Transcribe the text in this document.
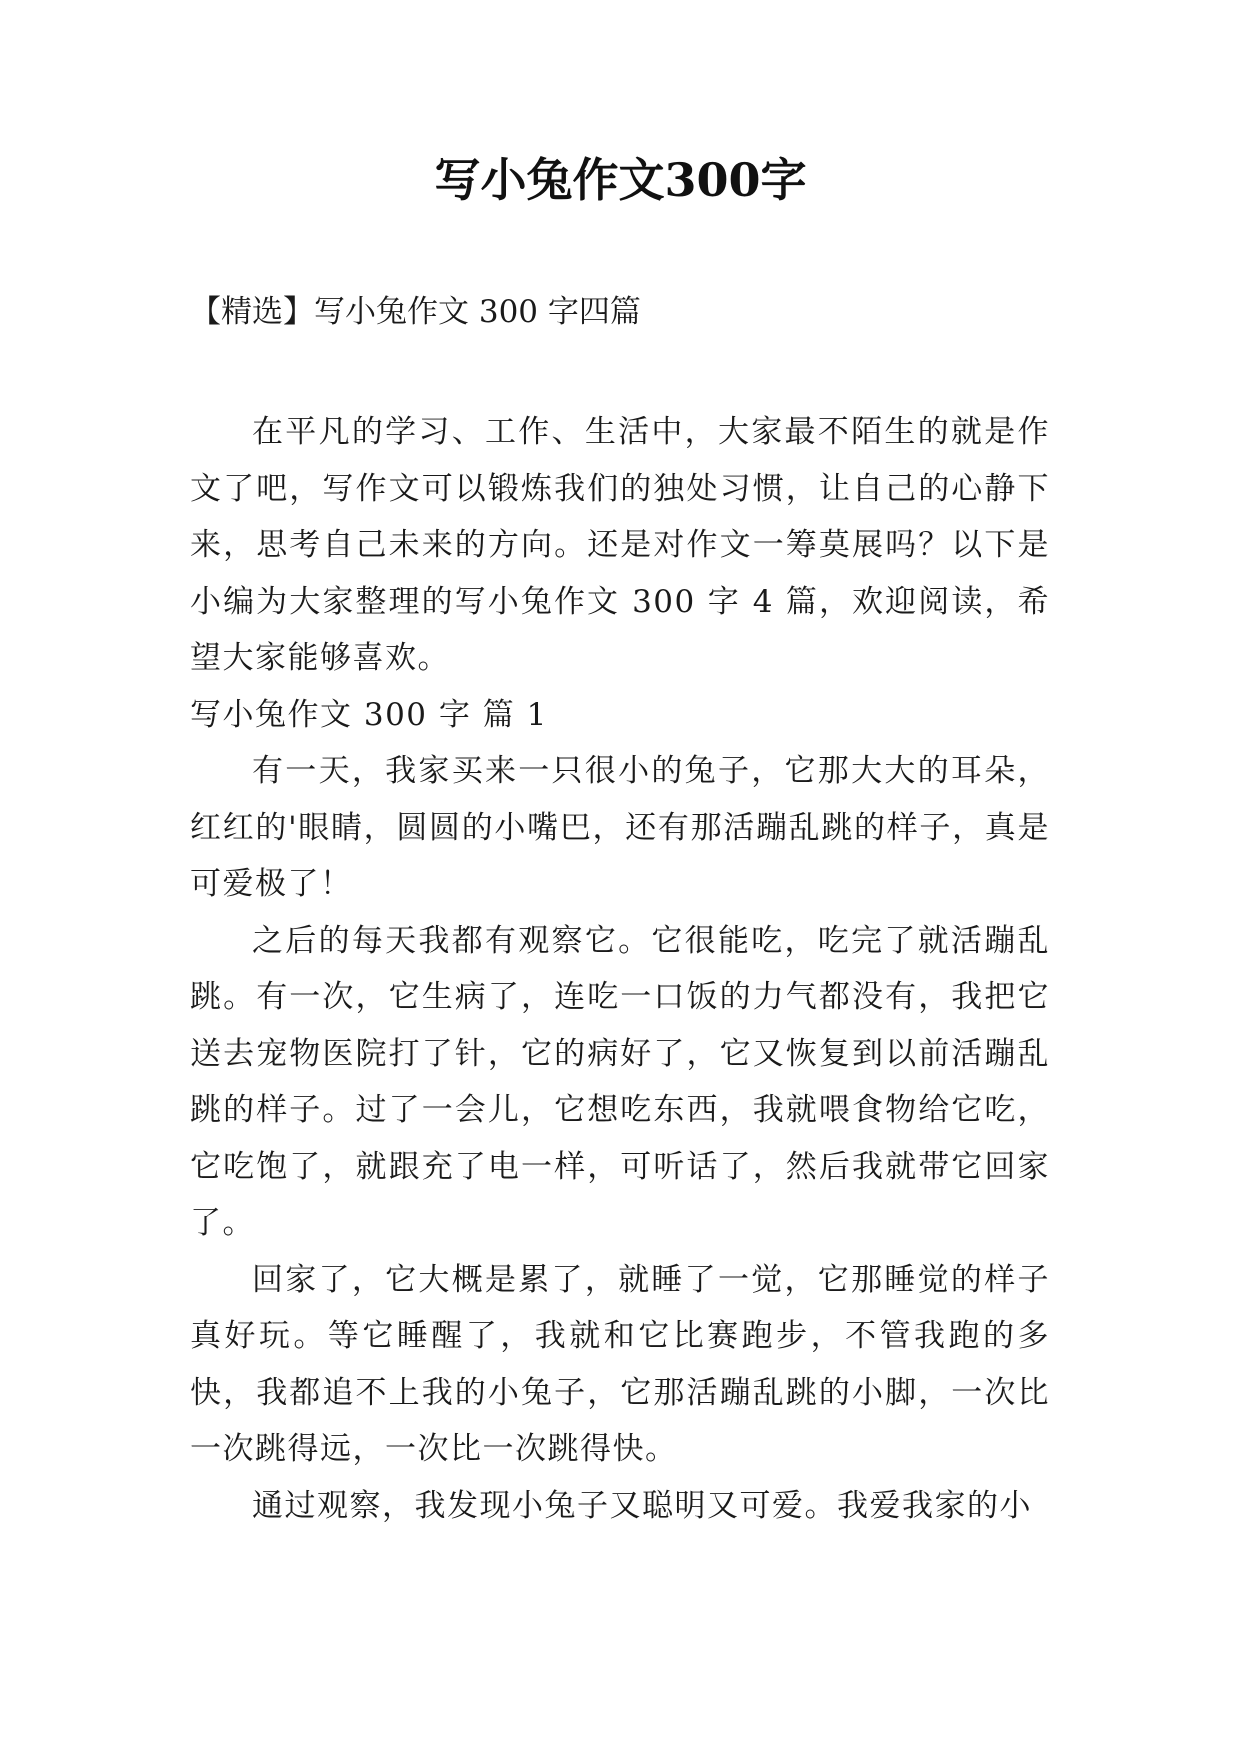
写小兔作文300字

【精选】写小兔作文 300 字四篇

在平凡的学习、工作、生活中，大家最不陌生的就是作文了吧，写作文可以锻炼我们的独处习惯，让自己的心静下来，思考自己未来的方向。还是对作文一筹莫展吗？以下是小编为大家整理的写小兔作文 300 字 4 篇，欢迎阅读，希望大家能够喜欢。

写小兔作文 300 字 篇 1

有一天，我家买来一只很小的兔子，它那大大的耳朵，红红的'眼睛，圆圆的小嘴巴，还有那活蹦乱跳的样子，真是可爱极了！

之后的每天我都有观察它。它很能吃，吃完了就活蹦乱跳。有一次，它生病了，连吃一口饭的力气都没有，我把它送去宠物医院打了针，它的病好了，它又恢复到以前活蹦乱跳的样子。过了一会儿，它想吃东西，我就喂食物给它吃，它吃饱了，就跟充了电一样，可听话了，然后我就带它回家了。

回家了，它大概是累了，就睡了一觉，它那睡觉的样子真好玩。等它睡醒了，我就和它比赛跑步，不管我跑的多快，我都追不上我的小兔子，它那活蹦乱跳的小脚，一次比一次跳得远，一次比一次跳得快。

通过观察，我发现小兔子又聪明又可爱。我爱我家的小
